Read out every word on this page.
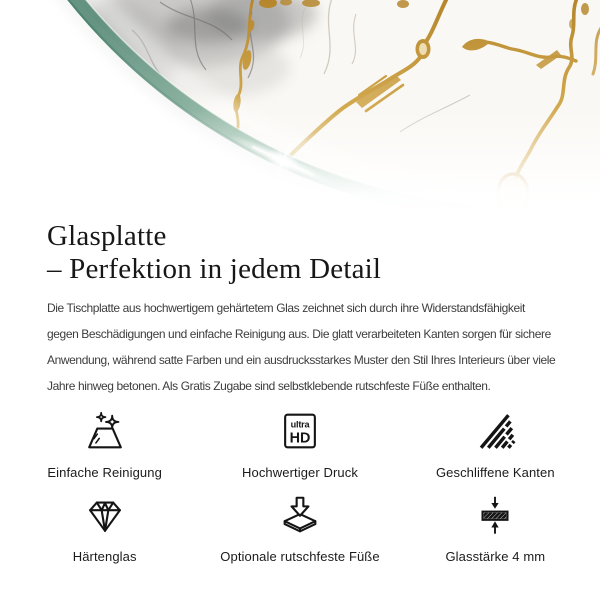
Glasplatte
– Perfektion in jedem Detail
Die Tischplatte aus hochwertigem gehärtetem Glas zeichnet sich durch ihre Widerstandsfähigkeit
gegen Beschädigungen und einfache Reinigung aus. Die glatt verarbeiteten Kanten sorgen für sichere
Anwendung, während satte Farben und ein ausdrucksstarkes Muster den Stil Ihres Interieurs über viele
Jahre hinweg betonen. Als Gratis Zugabe sind selbstklebende rutschfeste Füße enthalten.
Einfache Reinigung
ultra
HD
Hochwertiger Druck	Geschliffene Kanten
Härtenglas	Optionale rutschfeste Füße	Glasstärke 4 mm
